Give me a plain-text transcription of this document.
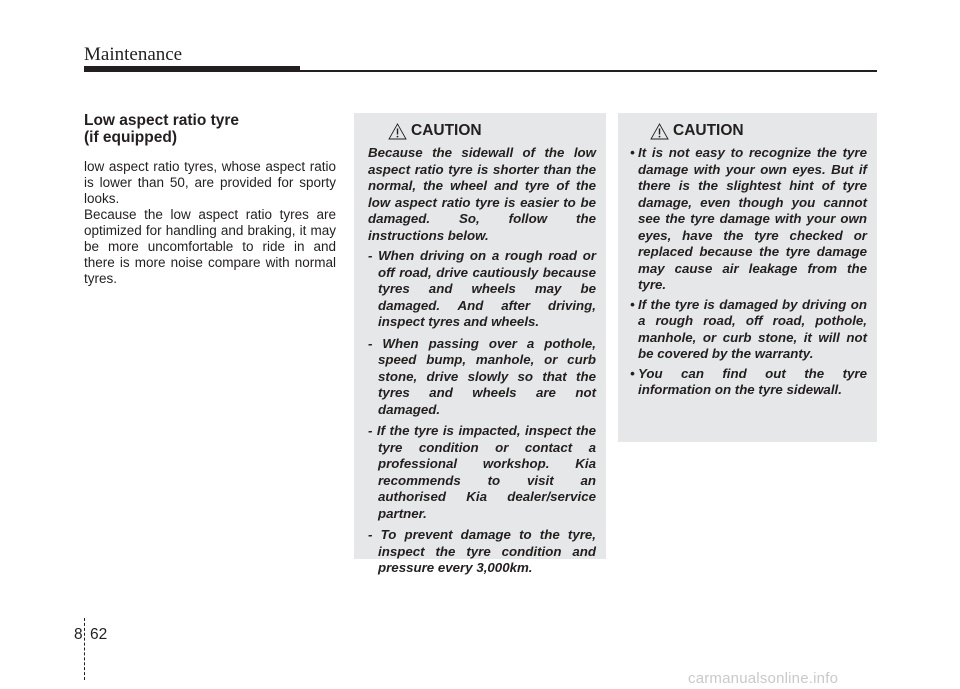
Maintenance
Low aspect ratio tyre
(if equipped)

low aspect ratio tyres, whose aspect ratio is lower than 50, are provided for sporty looks.

Because the low aspect ratio tyres are optimized for handling and braking, it may be more uncomfortable to ride in and there is more noise compare with normal tyres.

CAUTION
Because the sidewall of the low aspect ratio tyre is shorter than the normal, the wheel and tyre of the low aspect ratio tyre is easier to be damaged. So, follow the instructions below.
- When driving on a rough road or off road, drive cautiously because tyres and wheels may be damaged. And after driving, inspect tyres and wheels.
- When passing over a pothole, speed bump, manhole, or curb stone, drive slowly so that the tyres and wheels are not damaged.
- If the tyre is impacted, inspect the tyre condition or contact a professional workshop. Kia recommends to visit an authorised Kia dealer/service partner.
- To prevent damage to the tyre, inspect the tyre condition and pressure every 3,000km.
CAUTION
• It is not easy to recognize the tyre damage with your own eyes. But if there is the slightest hint of tyre damage, even though you cannot see the tyre damage with your own eyes, have the tyre checked or replaced because the tyre damage may cause air leakage from the tyre.
• If the tyre is damaged by driving on a rough road, off road, pothole, manhole, or curb stone, it will not be covered by the warranty.
• You can find out the tyre information on the tyre sidewall.
8 62
carmanualsonline.info
